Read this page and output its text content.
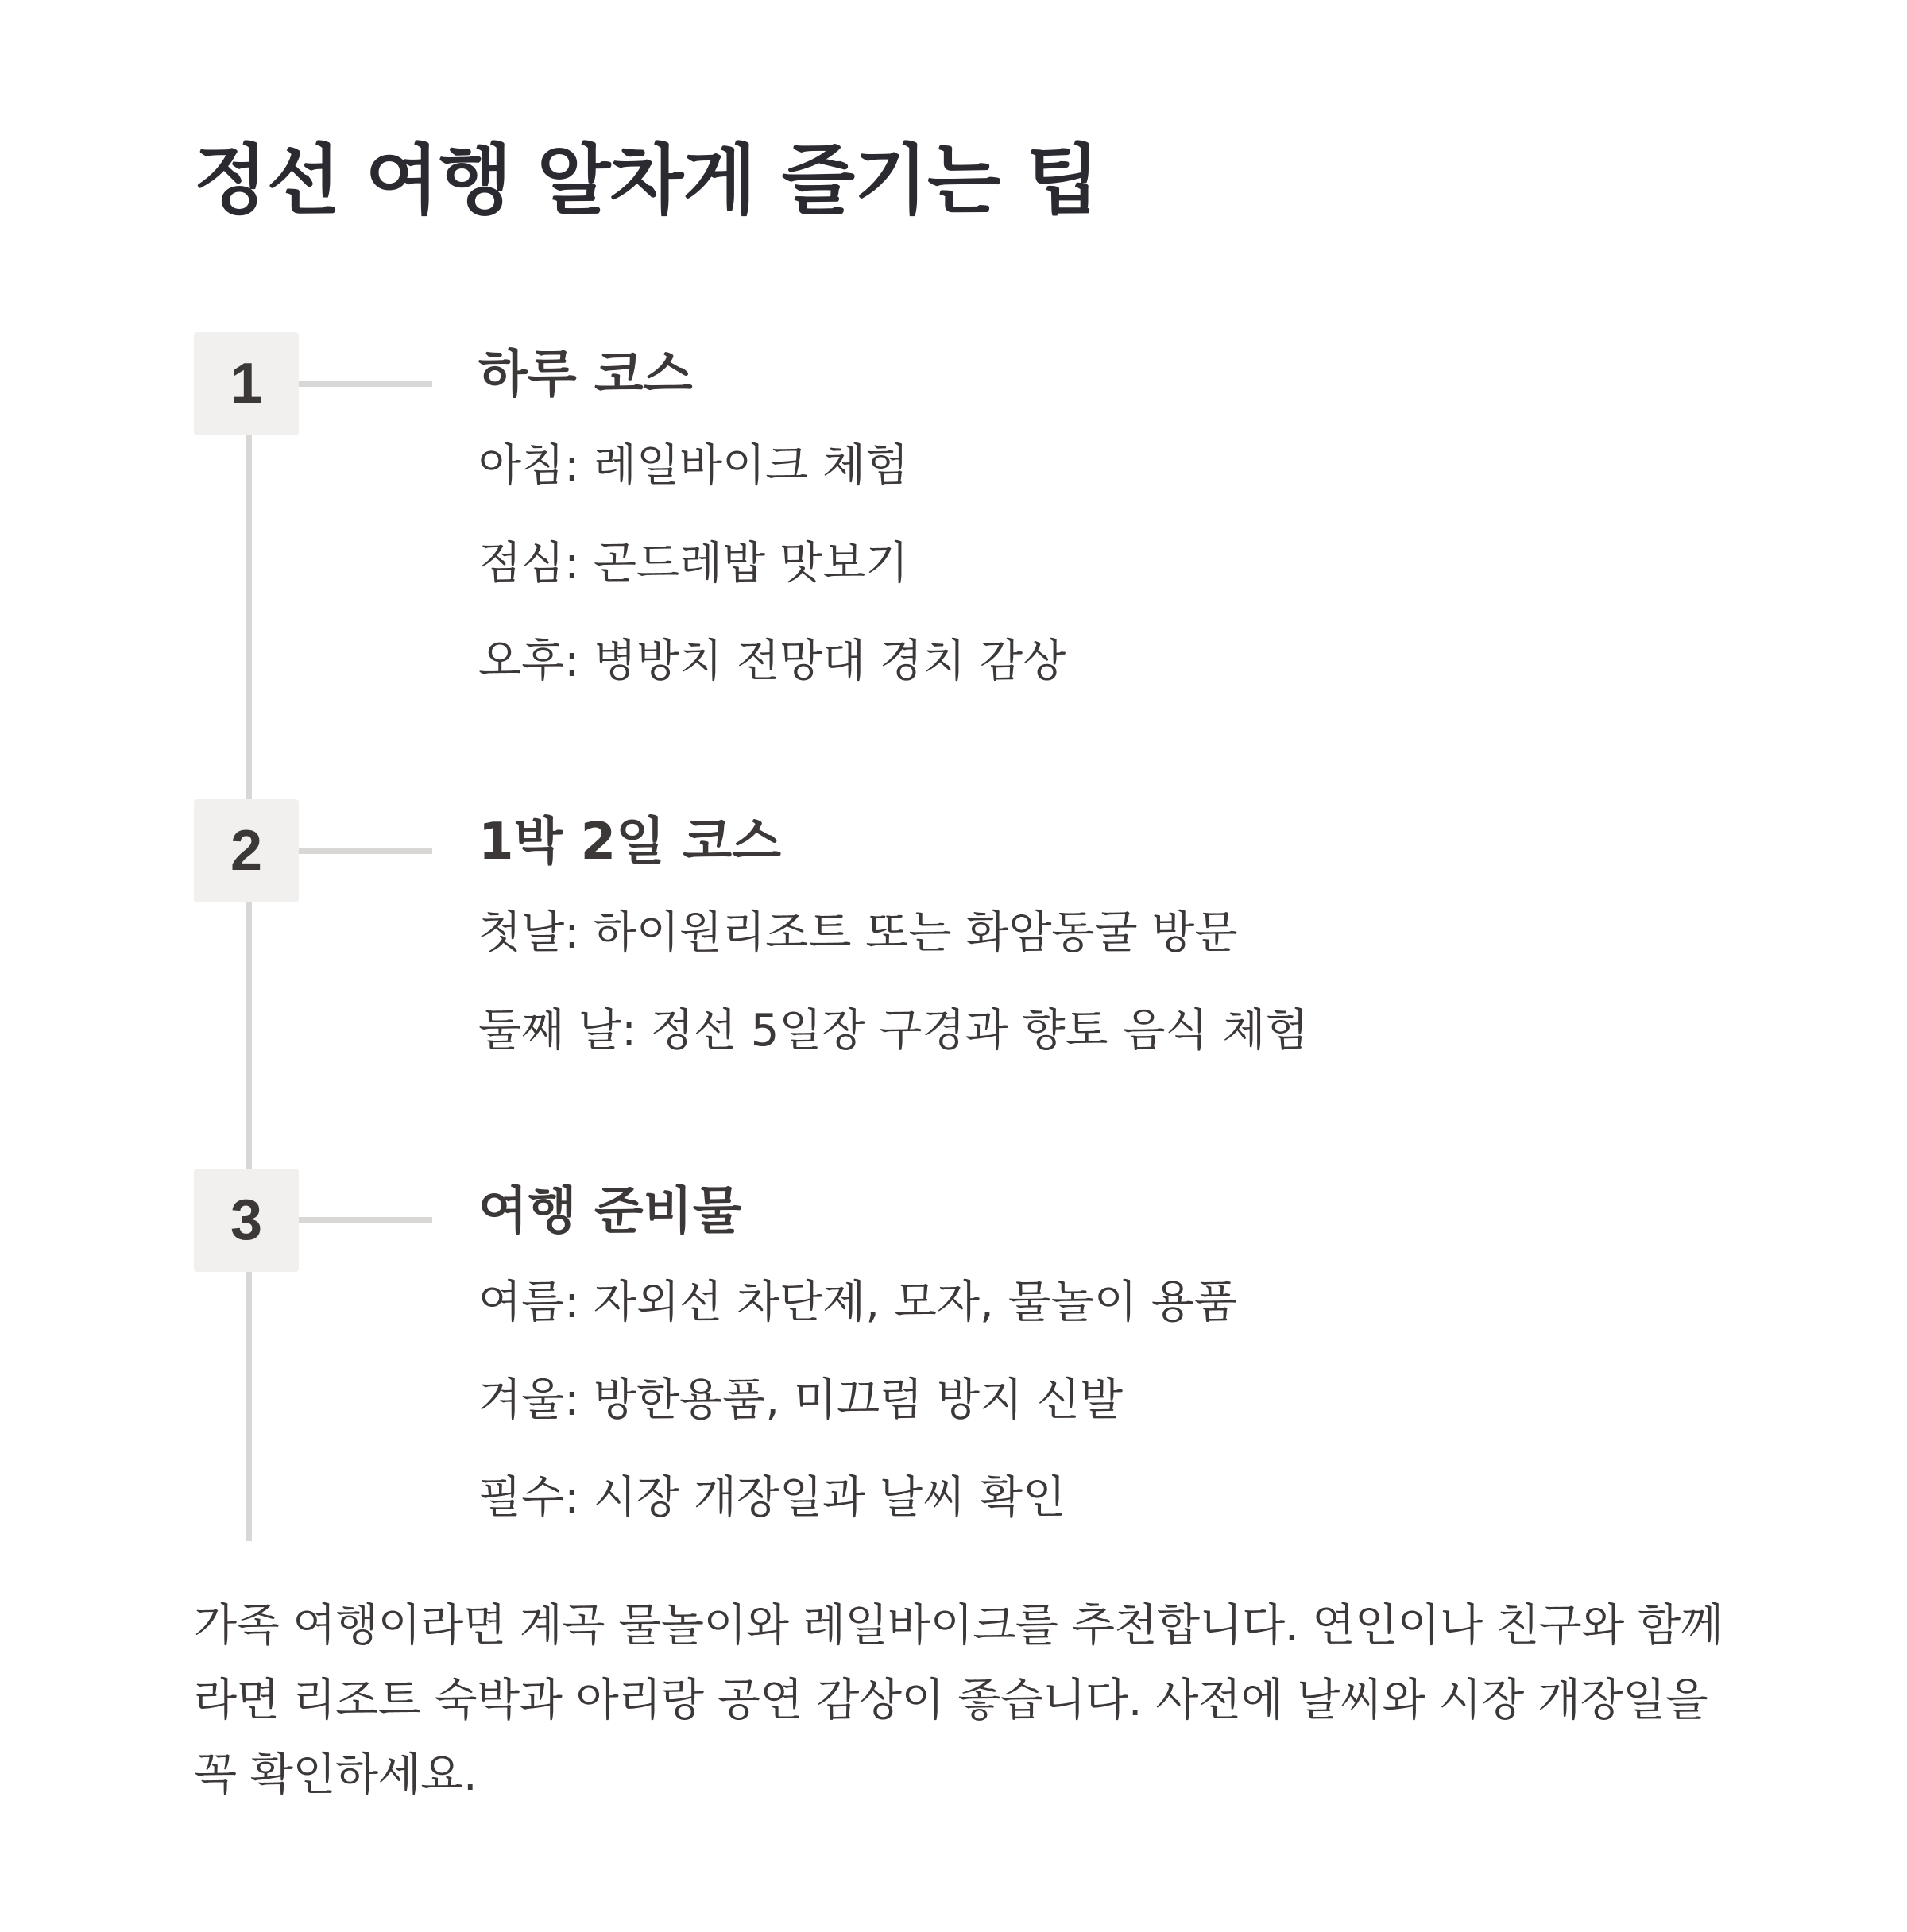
정선 여행 알차게 즐기는 팁
1	하루 코스
아침: 레일바이크 체험
점심: 곤드레밥 맛보기
오후: 병방치 전망대 경치 감상
2	1박 2일 코스
첫날: 하이원리조트 또는 화암동굴 방문
둘째 날: 정선 5일장 구경과 향토 음식 체험
3	여행 준비물
여름: 자외선 차단제, 모자, 물놀이 용품
겨울: 방한용품, 미끄럼 방지 신발
필수: 시장 개장일과 날씨 확인

가족 여행이라면 계곡 물놀이와 레일바이크를 추천합니다. 연인이나 친구와 함께라면 리조트 숙박과 아리랑 공연 감상이 좋습니다. 사전에 날씨와 시장 개장일을 꼭 확인하세요.
